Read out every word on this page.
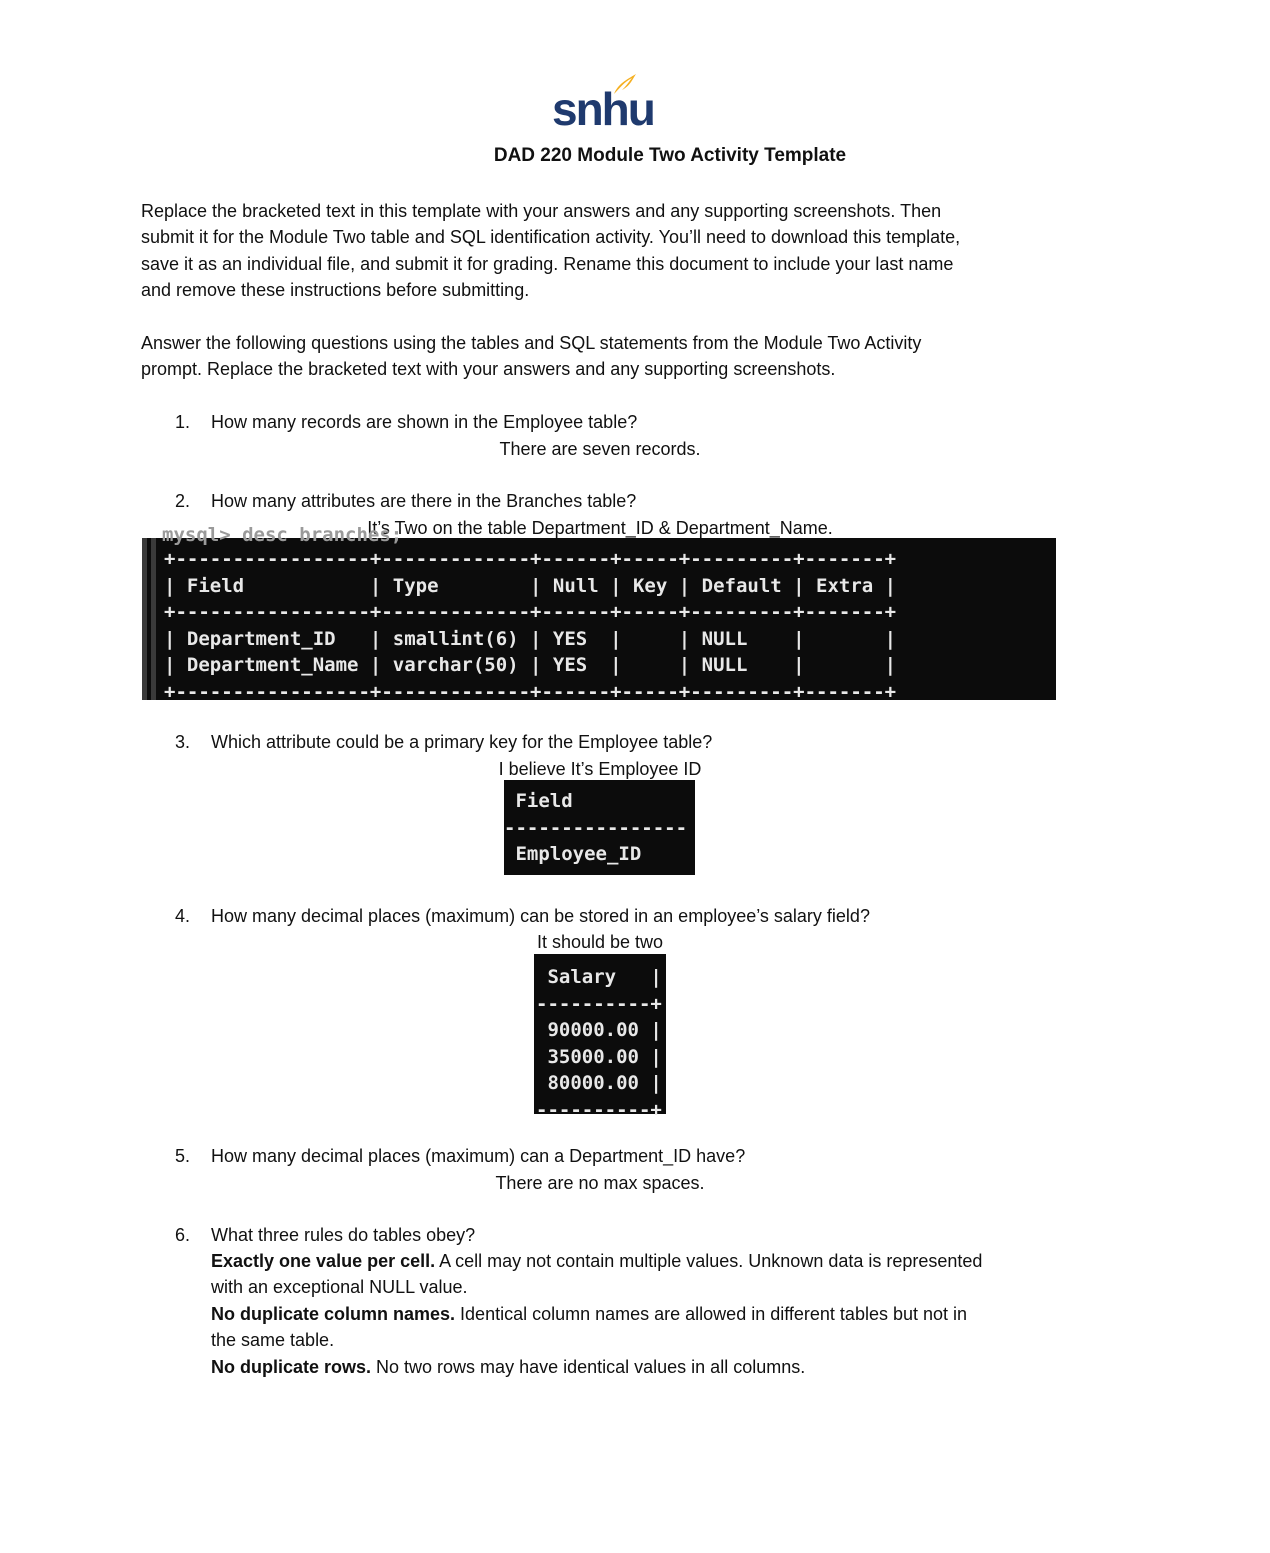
snhu
DAD 220 Module Two Activity Template
Replace the bracketed text in this template with your answers and any supporting screenshots. Then
submit it for the Module Two table and SQL identification activity. You’ll need to download this template,
save it as an individual file, and submit it for grading. Rename this document to include your last name
and remove these instructions before submitting.
Answer the following questions using the tables and SQL statements from the Module Two Activity
prompt. Replace the bracketed text with your answers and any supporting screenshots.
1. How many records are shown in the Employee table?
There are seven records.
2. How many attributes are there in the Branches table?
It’s Two on the table Department_ID & Department_Name.
mysql> desc branches;
+-----------------+-------------+------+-----+---------+-------+
| Field           | Type        | Null | Key | Default | Extra |
+-----------------+-------------+------+-----+---------+-------+
| Department_ID   | smallint(6) | YES  |     | NULL    |       |
| Department_Name | varchar(50) | YES  |     | NULL    |       |
+-----------------+-------------+------+-----+---------+-------+
3. Which attribute could be a primary key for the Employee table?
I believe It’s Employee ID
Field
----------------
Employee_ID
4. How many decimal places (maximum) can be stored in an employee’s salary field?
It should be two
Salary   |
----------+
90000.00 |
35000.00 |
80000.00 |
----------+
5. How many decimal places (maximum) can a Department_ID have?
There are no max spaces.
6. What three rules do tables obey?
Exactly one value per cell. A cell may not contain multiple values. Unknown data is represented
with an exceptional NULL value.
No duplicate column names. Identical column names are allowed in different tables but not in
the same table.
No duplicate rows. No two rows may have identical values in all columns.
